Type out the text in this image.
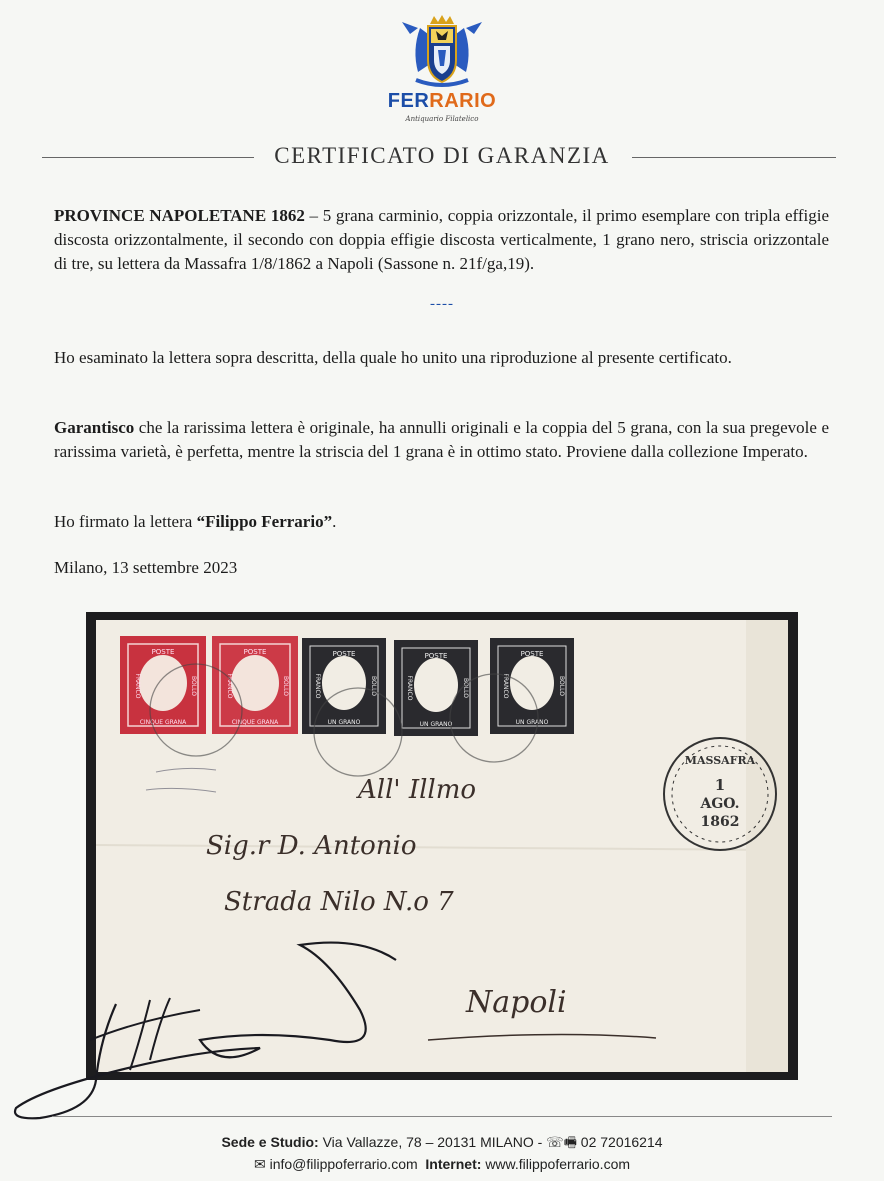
FERRARIO
Antiquario Filatelico
CERTIFICATO DI GARANZIA
PROVINCE NAPOLETANE 1862 – 5 grana carminio, coppia orizzontale, il primo esemplare con tripla effigie discosta orizzontalmente, il secondo con doppia effigie discosta verticalmente, 1 grano nero, striscia orizzontale di tre, su lettera da Massafra 1/8/1862 a Napoli (Sassone n. 21f/ga,19).
----
Ho esaminato la lettera sopra descritta, della quale ho unito una riproduzione al presente certificato.
Garantisco che la rarissima lettera è originale, ha annulli originali e la coppia del 5 grana, con la sua pregevole e rarissima varietà, è perfetta, mentre la striscia del 1 grana è in ottimo stato. Proviene dalla collezione Imperato.
Ho firmato la lettera “Filippo Ferrario”.
Milano, 13 settembre 2023
POSTE
CINQUE GRANA
FRANCO	BOLLO
POSTE
CINQUE GRANA
FRANCO	BOLLO
POSTE
UN GRANO
FRANCO	BOLLO
POSTE
UN GRANO
FRANCO	BOLLO
POSTE
UN GRANO
FRANCO	BOLLO
MASSAFRA
1
AGO.
1862
All' Illmo
Sig.r D. Antonio
Strada Nilo N.o 7
Napoli
Sede e Studio: Via Vallazze, 78 – 20131 MILANO - ☏🖷 02 72016214
✉ info@filippoferrario.com Internet: www.filippoferrario.com
